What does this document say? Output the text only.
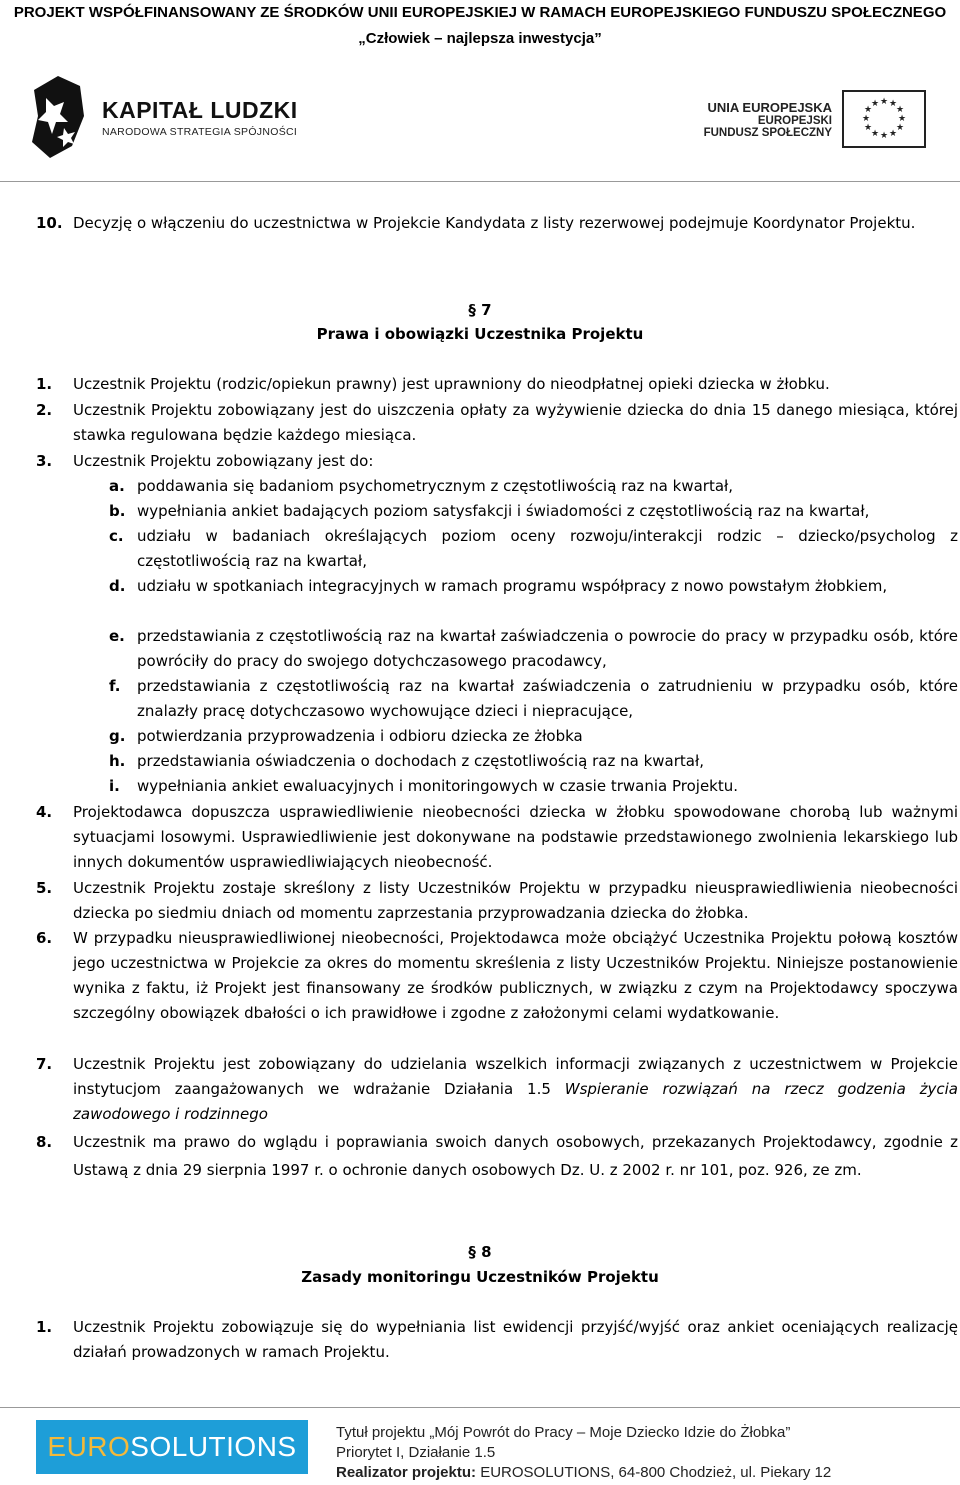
PROJEKT WSPÓŁFINANSOWANY ZE ŚRODKÓW UNII EUROPEJSKIEJ W RAMACH EUROPEJSKIEGO FUNDUSZU SPOŁECZNEGO
„Człowiek – najlepsza inwestycja”
KAPITAŁ LUDZKI
NARODOWA STRATEGIA SPÓJNOŚCI
UNIA EUROPEJSKA
EUROPEJSKI
FUNDUSZ SPOŁECZNY
★ ★
★
★
★
★
★
★
★
★
★
★
10. Decyzję o włączeniu do uczestnictwa w Projekcie Kandydata z listy rezerwowej podejmuje Koordynator Projektu.
§ 7
Prawa i obowiązki Uczestnika Projektu
1. Uczestnik Projektu (rodzic/opiekun prawny) jest uprawniony do nieodpłatnej opieki dziecka w żłobku.
2. Uczestnik Projektu zobowiązany jest do uiszczenia opłaty za wyżywienie dziecka do dnia 15 danego miesiąca, której stawka regulowana będzie każdego miesiąca.
3. Uczestnik Projektu zobowiązany jest do:
a. poddawania się badaniom psychometrycznym z częstotliwością raz na kwartał,
b. wypełniania ankiet badających poziom satysfakcji i świadomości z częstotliwością raz na kwartał,
c. udziału w badaniach określających poziom oceny rozwoju/interakcji rodzic – dziecko/psycholog z częstotliwością raz na kwartał,
d. udziału w spotkaniach integracyjnych w ramach programu współpracy z nowo powstałym żłobkiem,
e. przedstawiania z częstotliwością raz na kwartał zaświadczenia o powrocie do pracy w przypadku osób, które powróciły do pracy do swojego dotychczasowego pracodawcy,
f. przedstawiania z częstotliwością raz na kwartał zaświadczenia o zatrudnieniu w przypadku osób, które znalazły pracę dotychczasowo wychowujące dzieci i niepracujące,
g. potwierdzania przyprowadzenia i odbioru dziecka ze żłobka
h. przedstawiania oświadczenia o dochodach z częstotliwością raz na kwartał,
i. wypełniania ankiet ewaluacyjnych i monitoringowych w czasie trwania Projektu.
4. Projektodawca dopuszcza usprawiedliwienie nieobecności dziecka w żłobku spowodowane chorobą lub ważnymi sytuacjami losowymi. Usprawiedliwienie jest dokonywane na podstawie przedstawionego zwolnienia lekarskiego lub innych dokumentów usprawiedliwiających nieobecność.
5. Uczestnik Projektu zostaje skreślony z listy Uczestników Projektu w przypadku nieusprawiedliwienia nieobecności dziecka po siedmiu dniach od momentu zaprzestania przyprowadzania dziecka do żłobka.
6. W przypadku nieusprawiedliwionej nieobecności, Projektodawca może obciążyć Uczestnika Projektu połową kosztów jego uczestnictwa w Projekcie za okres do momentu skreślenia z listy Uczestników Projektu. Niniejsze postanowienie wynika z faktu, iż Projekt jest finansowany ze środków publicznych, w związku z czym na Projektodawcy spoczywa szczególny obowiązek dbałości o ich prawidłowe i zgodne z założonymi celami wydatkowanie.
7. Uczestnik Projektu jest zobowiązany do udzielania wszelkich informacji związanych z uczestnictwem w Projekcie instytucjom zaangażowanych we wdrażanie Działania 1.5 Wspieranie rozwiązań na rzecz godzenia życia zawodowego i rodzinnego
8. Uczestnik ma prawo do wglądu i poprawiania swoich danych osobowych, przekazanych Projektodawcy, zgodnie z Ustawą z dnia 29 sierpnia 1997 r. o ochronie danych osobowych Dz. U. z 2002 r. nr 101, poz. 926, ze zm.
§ 8
Zasady monitoringu Uczestników Projektu
1. Uczestnik Projektu zobowiązuje się do wypełniania list ewidencji przyjść/wyjść oraz ankiet oceniających realizację działań prowadzonych w ramach Projektu.
EURO SOLUTIONS	Tytuł projektu „Mój Powrót do Pracy – Moje Dziecko Idzie do Żłobka”
Priorytet I, Działanie 1.5
Realizator projektu: EUROSOLUTIONS, 64-800 Chodzież, ul. Piekary 12
